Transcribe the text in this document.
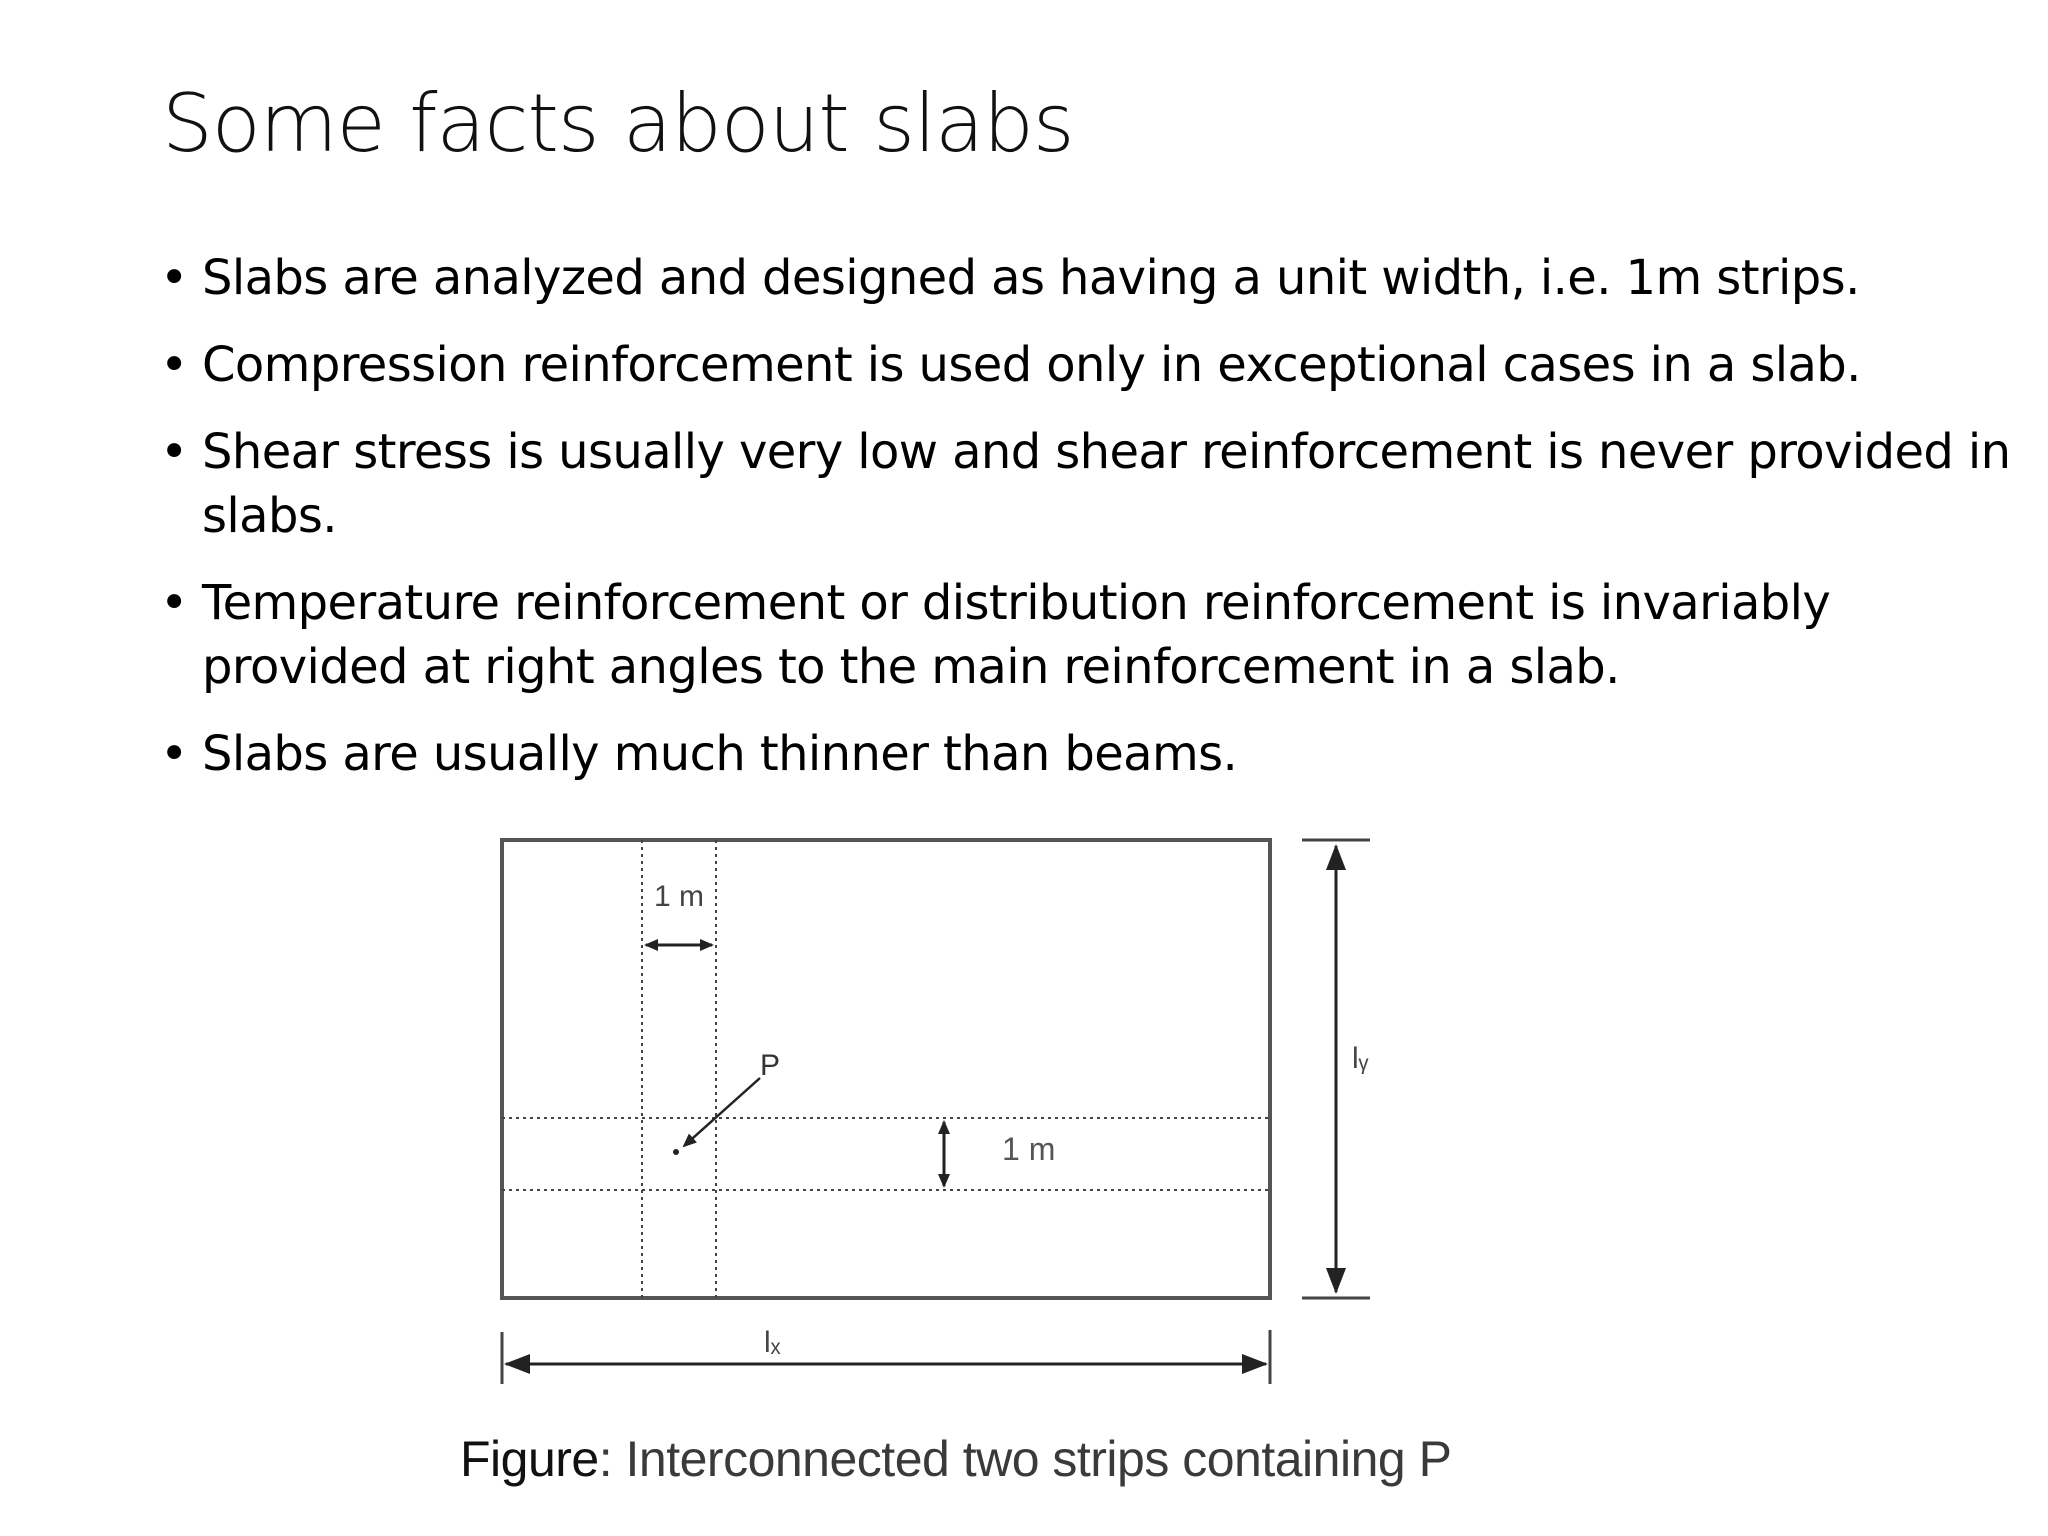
Some facts about slabs
• Slabs are analyzed and designed as having a unit width, i.e. 1m strips.
• Compression reinforcement is used only in exceptional cases in a slab.
• Shear stress is usually very low and shear reinforcement is never provided in slabs.
• Temperature reinforcement or distribution reinforcement is invariably provided at right angles to the main reinforcement in a slab.
• Slabs are usually much thinner than beams.
1 m
1 m
P	lᵧ
lₓ
Figure: Interconnected two strips containing P
